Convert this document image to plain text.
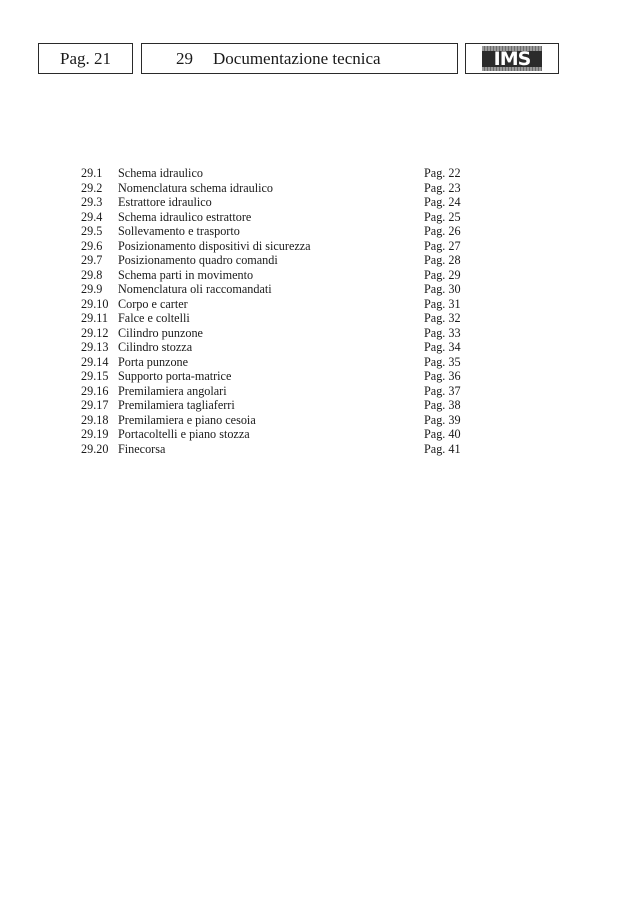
Pag. 21	29 Documentazione tecnica	IMS
29.1 Schema idraulico	Pag. 22
29.2 Nomenclatura schema idraulico	Pag. 23
29.3 Estrattore idraulico	Pag. 24
29.4 Schema idraulico estrattore	Pag. 25
29.5 Sollevamento e trasporto	Pag. 26
29.6 Posizionamento dispositivi di sicurezza	Pag. 27
29.7 Posizionamento quadro comandi	Pag. 28
29.8 Schema parti in movimento	Pag. 29
29.9 Nomenclatura oli raccomandati	Pag. 30
29.10 Corpo e carter	Pag. 31
29.11 Falce e coltelli	Pag. 32
29.12 Cilindro punzone	Pag. 33
29.13 Cilindro stozza	Pag. 34
29.14 Porta punzone	Pag. 35
29.15 Supporto porta-matrice	Pag. 36
29.16 Premilamiera angolari	Pag. 37
29.17 Premilamiera tagliaferri	Pag. 38
29.18 Premilamiera e piano cesoia	Pag. 39
29.19 Portacoltelli e piano stozza	Pag. 40
29.20 Finecorsa	Pag. 41
